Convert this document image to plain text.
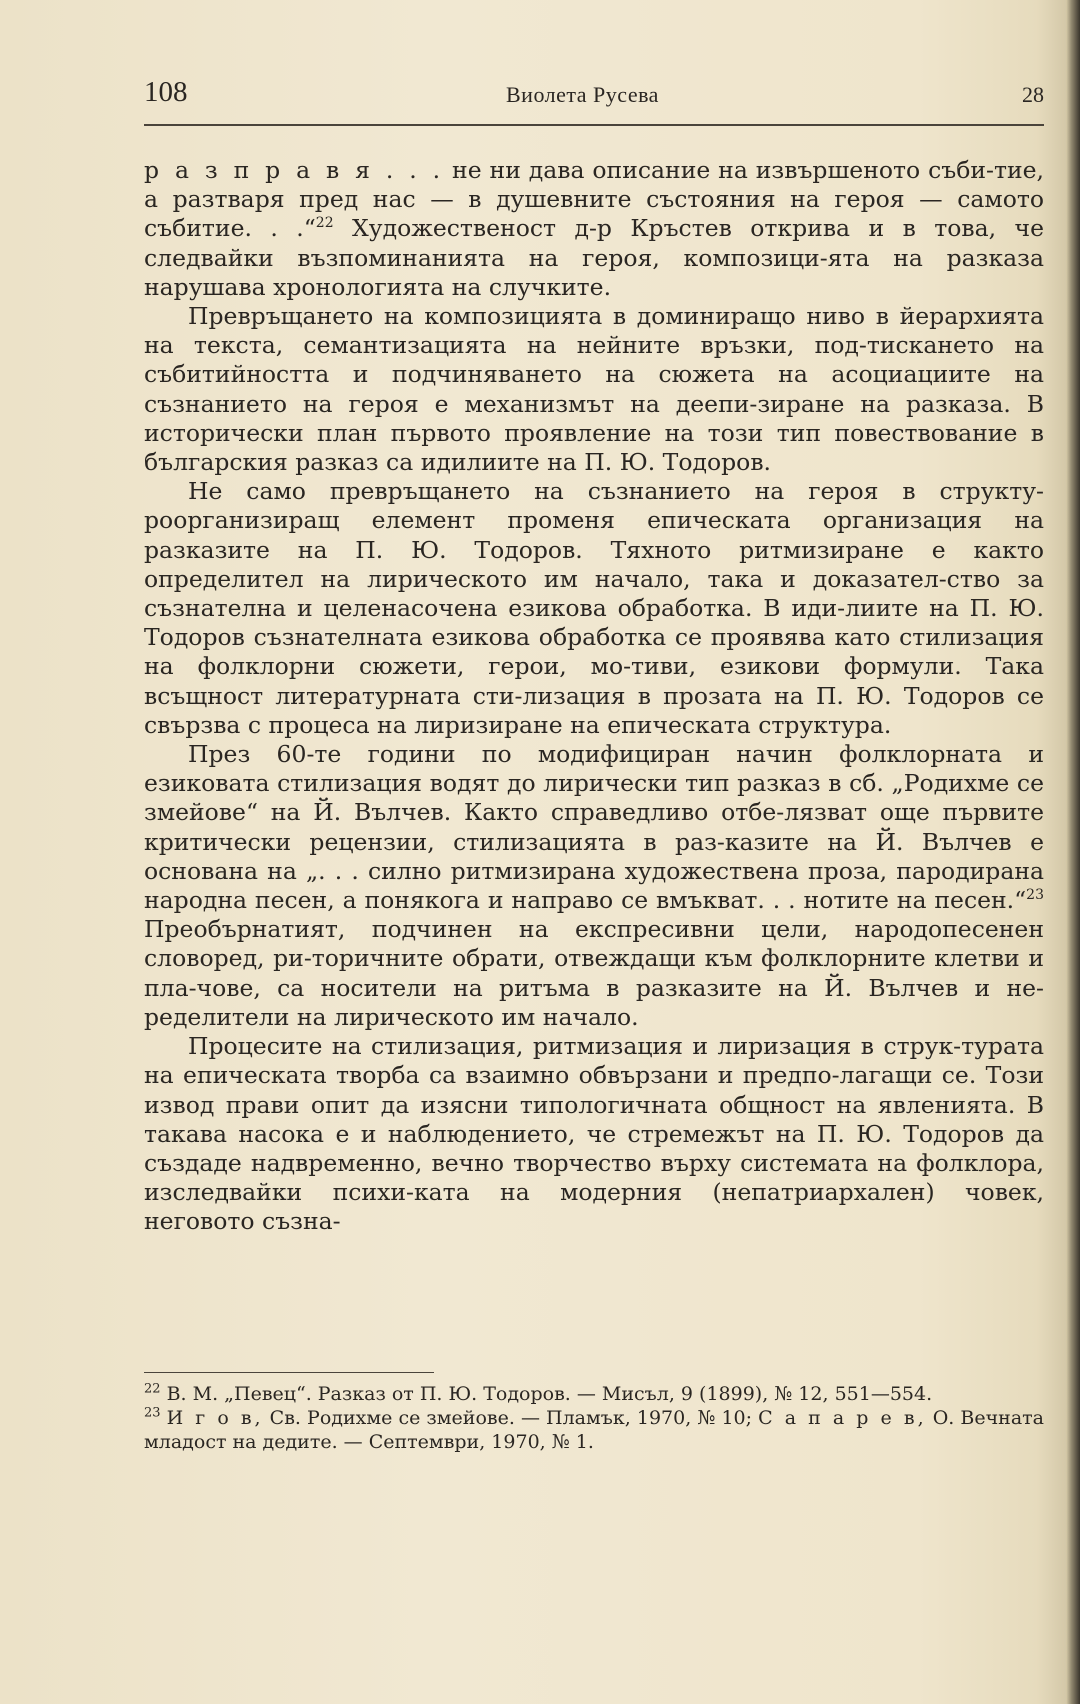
108	Виолета Русева	28

р а з п р а в я . . . не ни дава описание на извършеното съби-тие, а разтваря пред нас — в душевните състояния на героя — самото събитие. . .“$^{22}$ Художественост д-р Кръстев открива и в това, че следвайки възпоминанията на героя, композици-ята на разказа нарушава хронологията на случките.

Превръщането на композицията в доминиращо ниво в йерархията на текста, семантизацията на нейните връзки, под-тискането на събитийността и подчиняването на сюжета на асоциациите на съзнанието на героя е механизмът на деепи-зиране на разказа. В исторически план първото проявление на този тип повествование в българския разказ са идилиите на П. Ю. Тодоров.

Не само превръщането на съзнанието на героя в структу-роорганизиращ елемент променя епическата организация на разказите на П. Ю. Тодоров. Тяхното ритмизиране е както определител на лирическото им начало, така и доказател-ство за съзнателна и целенасочена езикова обработка. В иди-лиите на П. Ю. Тодоров съзнателната езикова обработка се проявява като стилизация на фолклорни сюжети, герои, мо-тиви, езикови формули. Така всъщност литературната сти-лизация в прозата на П. Ю. Тодоров се свързва с процеса на лиризиране на епическата структура.

През 60-те години по модифициран начин фолклорната и езиковата стилизация водят до лирически тип разказ в сб. „Родихме се змейове“ на Й. Вълчев. Както справедливо отбе-лязват още първите критически рецензии, стилизацията в раз-казите на Й. Вълчев е основана на „. . . силно ритмизирана художествена проза, пародирана народна песен, а понякога и направо се вмъкват. . . нотите на песен.“$^{23}$ Преобърнатият, подчинен на експресивни цели, народопесенен словоред, ри-торичните обрати, отвеждащи към фолклорните клетви и пла-чове, са носители на ритъма в разказите на Й. Вълчев и не-ределители на лирическото им начало.

Процесите на стилизация, ритмизация и лиризация в струк-турата на епическата творба са взаимно обвързани и предпо-лагащи се. Този извод прави опит да изясни типологичната общност на явленията. В такава насока е и наблюдението, че стремежът на П. Ю. Тодоров да създаде надвременно, вечно творчество върху системата на фолклора, изследвайки психи-ката на модерния (непатриархален) човек, неговото съзна-

$^{22}$ В. М. „Певец“. Разказ от П. Ю. Тодоров. — Мисъл, 9 (1899), № 12, 551—554.

$^{23}$ И г о в, Св. Родихме се змейове. — Пламък, 1970, № 10; С а п а р е в, О. Вечната младост на дедите. — Септември, 1970, № 1.
